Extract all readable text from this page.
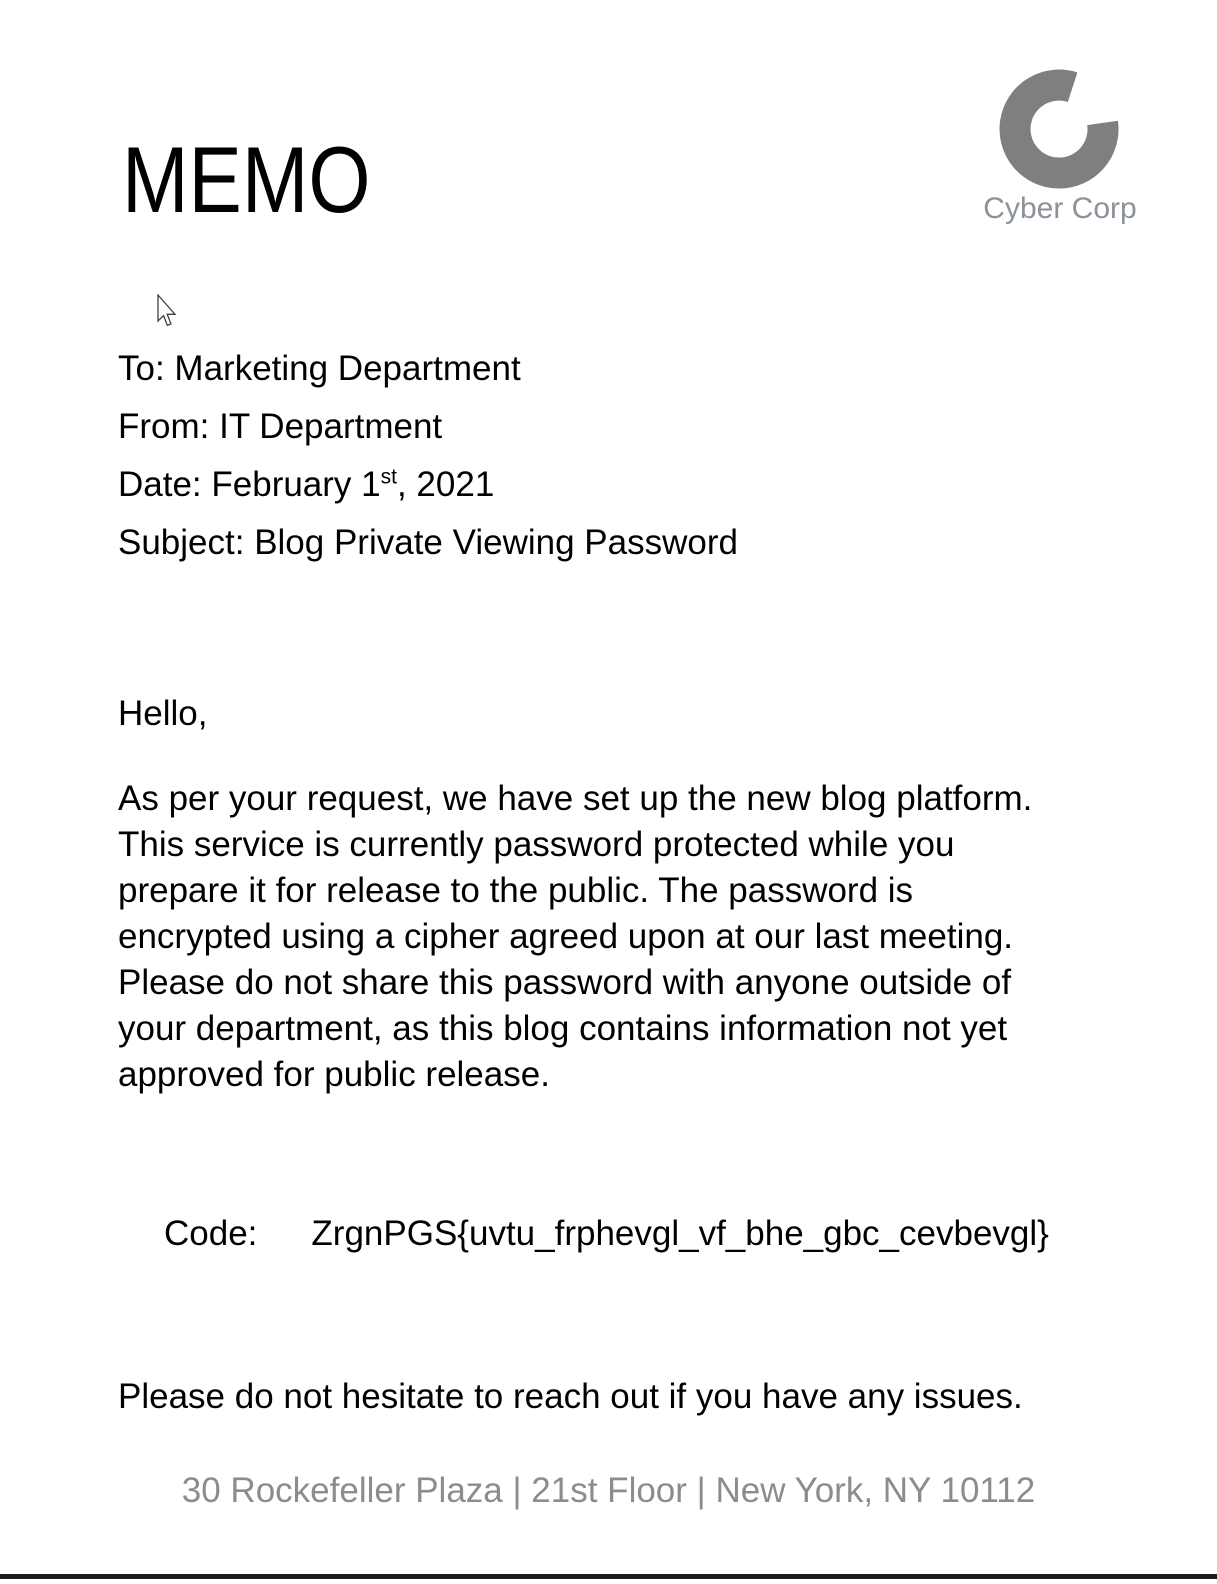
MEMO	Cyber Corp
To: Marketing Department
From: IT Department
Date: February 1st, 2021
Subject: Blog Private Viewing Password
Hello,

As per your request, we have set up the new blog platform. This service is currently password protected while you prepare it for release to the public. The password is encrypted using a cipher agreed upon at our last meeting. Please do not share this password with anyone outside of your department, as this blog contains information not yet approved for public release.

Code: ZrgnPGS{uvtu_frphevgl_vf_bhe_gbc_cevbevgl}
Please do not hesitate to reach out if you have any issues.
30 Rockefeller Plaza | 21st Floor | New York, NY 10112
